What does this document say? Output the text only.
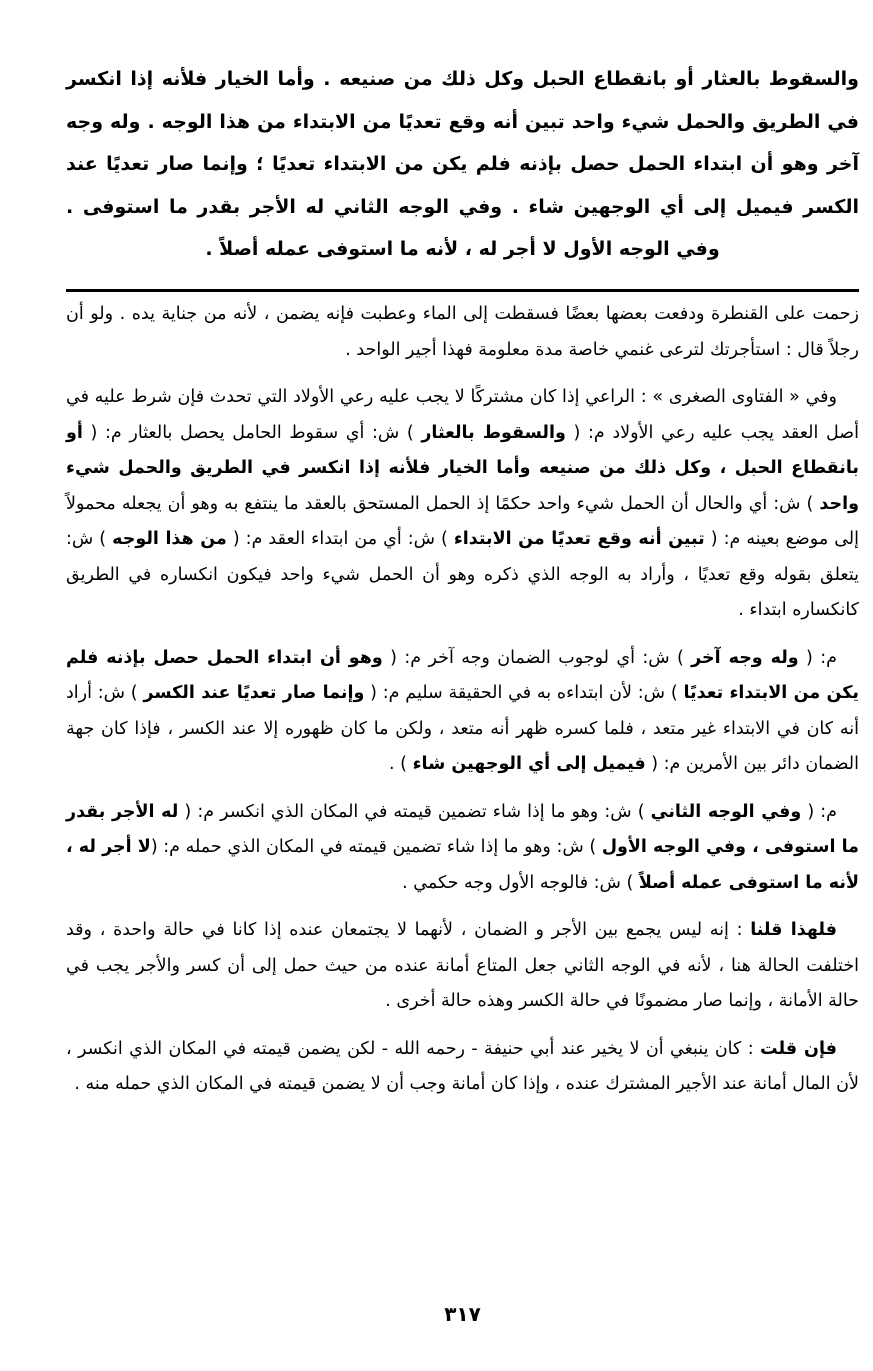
والسقوط بالعثار أو بانقطاع الحبل وكل ذلك من صنيعه . وأما الخيار فلأنه إذا انكسر في الطريق والحمل شيء واحد تبين أنه وقع تعديًا من الابتداء من هذا الوجه . وله وجه آخر وهو أن ابتداء الحمل حصل بإذنه فلم يكن من الابتداء تعديًا ؛ وإنما صار تعديًا عند الكسر فيميل إلى أي الوجهين شاء . وفي الوجه الثاني له الأجر بقدر ما استوفى . وفي الوجه الأول لا أجر له ، لأنه ما استوفى عمله أصلاً .

زحمت على القنطرة ودفعت بعضها بعضًا فسقطت إلى الماء وعطبت فإنه يضمن ، لأنه من جناية يده . ولو أن رجلاً قال : استأجرتك لترعى غنمي خاصة مدة معلومة فهذا أجير الواحد .

وفي « الفتاوى الصغرى » : الراعي إذا كان مشتركًا لا يجب عليه رعي الأولاد التي تحدث فإن شرط عليه في أصل العقد يجب عليه رعي الأولاد م: ( والسقوط بالعثار ) ش: أي سقوط الحامل يحصل بالعثار م: ( أو بانقطاع الحبل ، وكل ذلك من صنيعه وأما الخيار فلأنه إذا انكسر في الطريق والحمل شيء واحد ) ش: أي والحال أن الحمل شيء واحد حكمًا إذ الحمل المستحق بالعقد ما ينتفع به وهو أن يجعله محمولاً إلى موضع بعينه م: ( تبين أنه وقع تعديًا من الابتداء ) ش: أي من ابتداء العقد م: ( من هذا الوجه ) ش: يتعلق بقوله وقع تعديًا ، وأراد به الوجه الذي ذكره وهو أن الحمل شيء واحد فيكون انكساره في الطريق كانكساره ابتداء .

م: ( وله وجه آخر ) ش: أي لوجوب الضمان وجه آخر م: ( وهو أن ابتداء الحمل حصل بإذنه فلم يكن من الابتداء تعديًا ) ش: لأن ابتداءه به في الحقيقة سليم م: ( وإنما صار تعديًا عند الكسر ) ش: أراد أنه كان في الابتداء غير متعد ، فلما كسره ظهر أنه متعد ، ولكن ما كان ظهوره إلا عند الكسر ، فإذا كان جهة الضمان دائر بين الأمرين م: ( فيميل إلى أي الوجهين شاء ) .

م: ( وفي الوجه الثاني ) ش: وهو ما إذا شاء تضمين قيمته في المكان الذي انكسر م: ( له الأجر بقدر ما استوفى ، وفي الوجه الأول ) ش: وهو ما إذا شاء تضمين قيمته في المكان الذي حمله م: (لا أجر له ، لأنه ما استوفى عمله أصلاً ) ش: فالوجه الأول وجه حكمي .

فلهذا قلنا : إنه ليس يجمع بين الأجر و الضمان ، لأنهما لا يجتمعان عنده إذا كانا في حالة واحدة ، وقد اختلفت الحالة هنا ، لأنه في الوجه الثاني جعل المتاع أمانة عنده من حيث حمل إلى أن كسر والأجر يجب في حالة الأمانة ، وإنما صار مضمونًا في حالة الكسر وهذه حالة أخرى .

فإن قلت : كان ينبغي أن لا يخير عند أبي حنيفة - رحمه الله - لكن يضمن قيمته في المكان الذي انكسر ، لأن المال أمانة عند الأجير المشترك عنده ، وإذا كان أمانة وجب أن لا يضمن قيمته في المكان الذي حمله منه .

٣١٧
